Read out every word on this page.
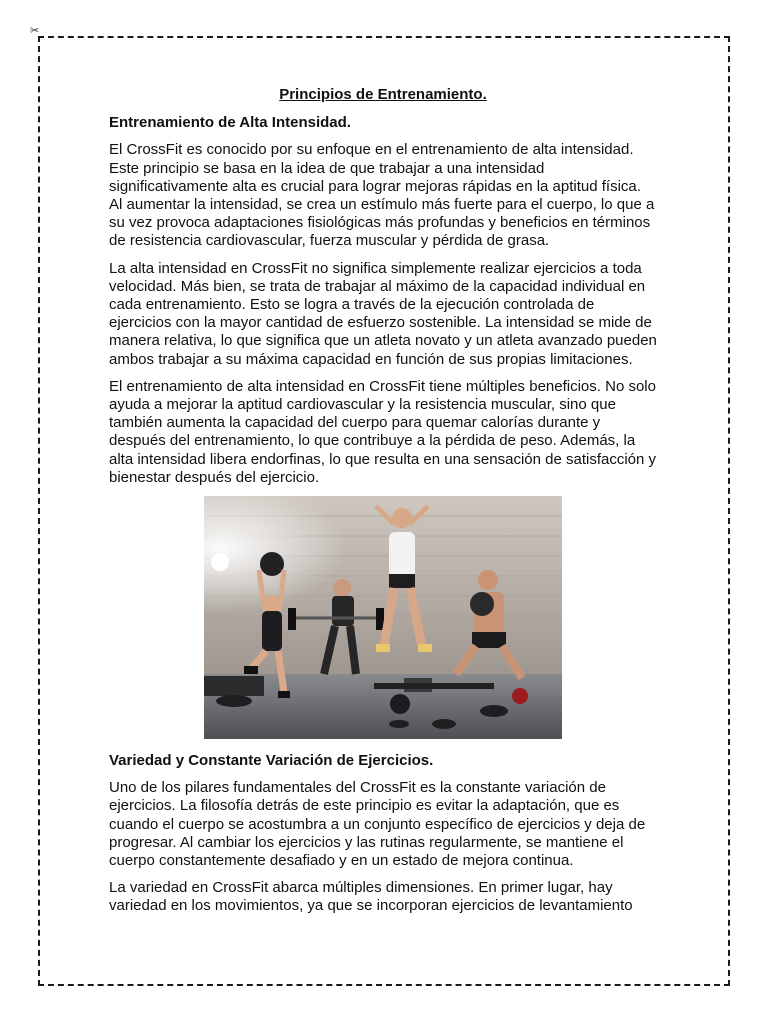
✂
Principios de Entrenamiento.
Entrenamiento de Alta Intensidad.

El CrossFit es conocido por su enfoque en el entrenamiento de alta intensidad. Este principio se basa en la idea de que trabajar a una intensidad significativamente alta es crucial para lograr mejoras rápidas en la aptitud física. Al aumentar la intensidad, se crea un estímulo más fuerte para el cuerpo, lo que a su vez provoca adaptaciones fisiológicas más profundas y beneficios en términos de resistencia cardiovascular, fuerza muscular y pérdida de grasa.

La alta intensidad en CrossFit no significa simplemente realizar ejercicios a toda velocidad. Más bien, se trata de trabajar al máximo de la capacidad individual en cada entrenamiento. Esto se logra a través de la ejecución controlada de ejercicios con la mayor cantidad de esfuerzo sostenible. La intensidad se mide de manera relativa, lo que significa que un atleta novato y un atleta avanzado pueden ambos trabajar a su máxima capacidad en función de sus propias limitaciones.

El entrenamiento de alta intensidad en CrossFit tiene múltiples beneficios. No solo ayuda a mejorar la aptitud cardiovascular y la resistencia muscular, sino que también aumenta la capacidad del cuerpo para quemar calorías durante y después del entrenamiento, lo que contribuye a la pérdida de peso. Además, la alta intensidad libera endorfinas, lo que resulta en una sensación de satisfacción y bienestar después del ejercicio.

Variedad y Constante Variación de Ejercicios.

Uno de los pilares fundamentales del CrossFit es la constante variación de ejercicios. La filosofía detrás de este principio es evitar la adaptación, que es cuando el cuerpo se acostumbra a un conjunto específico de ejercicios y deja de progresar. Al cambiar los ejercicios y las rutinas regularmente, se mantiene el cuerpo constantemente desafiado y en un estado de mejora continua.

La variedad en CrossFit abarca múltiples dimensiones. En primer lugar, hay variedad en los movimientos, ya que se incorporan ejercicios de levantamiento
